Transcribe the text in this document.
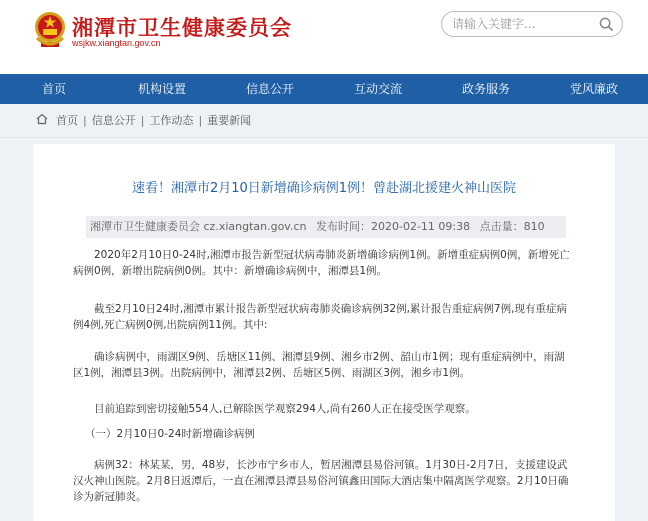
湘潭市卫生健康委员会
wsjkw.xiangtan.gov.cn
请输入关键字...
首页	机构设置	信息公开	互动交流	政务服务	党风廉政
首页 | 信息公开 | 工作动态 | 重要新闻
速看！湘潭市2月10日新增确诊病例1例！曾赴湖北援建火神山医院
湘潭市卫生健康委员会 cz.xiangtan.gov.cn 发布时间：2020-02-11 09:38 点击量：810

2020年2月10日0-24时,湘潭市报告新型冠状病毒肺炎新增确诊病例1例。新增重症病例0例，新增死亡病例0例，新增出院病例0例。其中：新增确诊病例中，湘潭县1例。

截至2月10日24时,湘潭市累计报告新型冠状病毒肺炎确诊病例32例,累计报告重症病例7例,现有重症病例4例,死亡病例0例,出院病例11例。其中:

确诊病例中，雨湖区9例、岳塘区11例、湘潭县9例、湘乡市2例、韶山市1例；现有重症病例中，雨湖区1例，湘潭县3例。出院病例中，湘潭县2例、岳塘区5例、雨湖区3例，湘乡市1例。

目前追踪到密切接触554人,已解除医学观察294人,尚有260人正在接受医学观察。

（一）2月10日0-24时新增确诊病例

病例32：林某某，男，48岁，长沙市宁乡市人，暂居湘潭县易俗河镇。1月30日-2月7日，支援建设武汉火神山医院。2月8日返潭后，一直在湘潭县潭县易俗河镇鑫田国际大酒店集中隔离医学观察。2月10日确诊为新冠肺炎。
